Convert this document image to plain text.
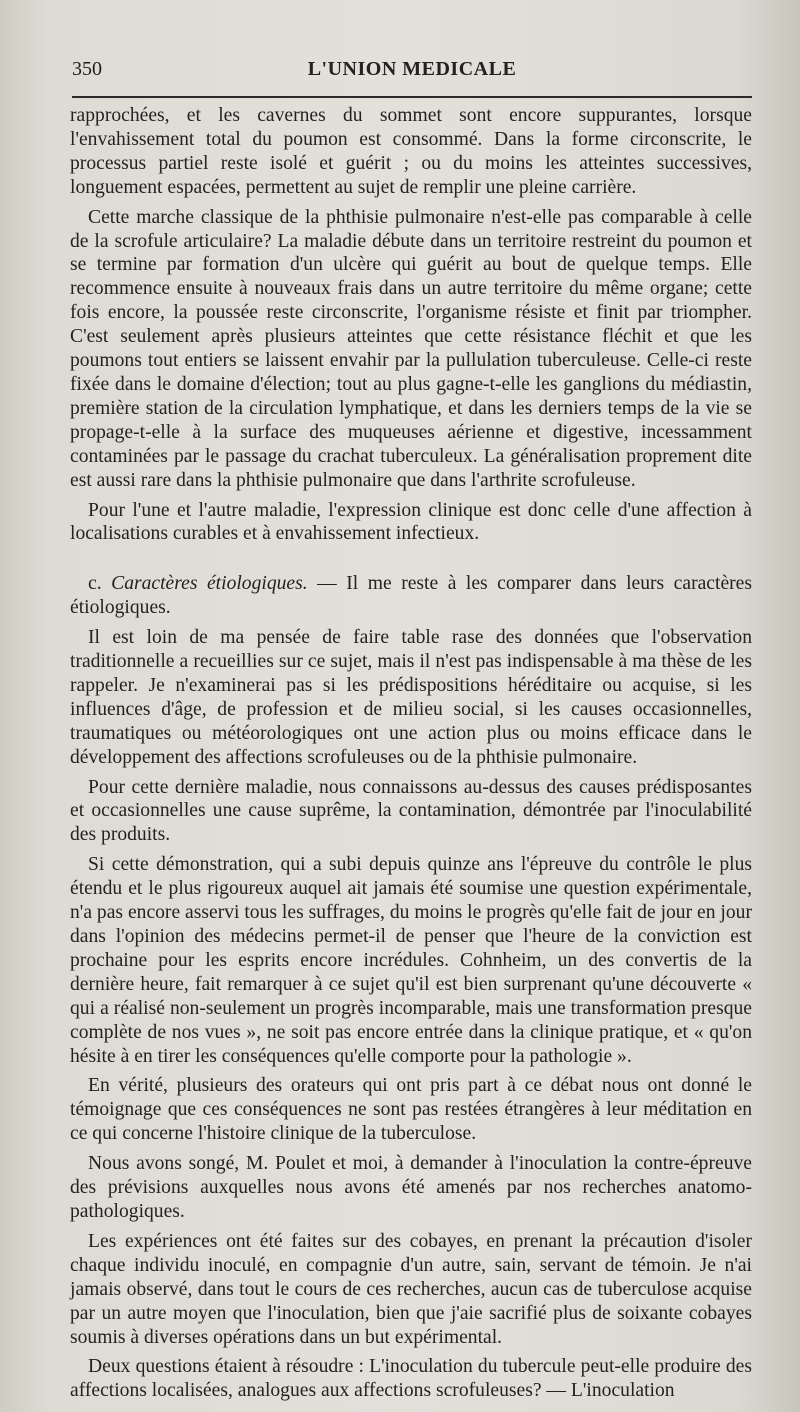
350	L'UNION MEDICALE

rapprochées, et les cavernes du sommet sont encore suppurantes, lorsque l'envahissement total du poumon est consommé. Dans la forme circonscrite, le processus partiel reste isolé et guérit ; ou du moins les atteintes successives, longuement espacées, permettent au sujet de remplir une pleine carrière.

Cette marche classique de la phthisie pulmonaire n'est-elle pas comparable à celle de la scrofule articulaire? La maladie débute dans un territoire restreint du poumon et se termine par formation d'un ulcère qui guérit au bout de quelque temps. Elle recommence ensuite à nouveaux frais dans un autre territoire du même organe; cette fois encore, la poussée reste circonscrite, l'organisme résiste et finit par triompher. C'est seulement après plusieurs atteintes que cette résistance fléchit et que les poumons tout entiers se laissent envahir par la pullulation tuberculeuse. Celle-ci reste fixée dans le domaine d'élection; tout au plus gagne-t-elle les ganglions du médiastin, première station de la circulation lymphatique, et dans les derniers temps de la vie se propage-t-elle à la surface des muqueuses aérienne et digestive, incessamment contaminées par le passage du crachat tuberculeux. La généralisation proprement dite est aussi rare dans la phthisie pulmonaire que dans l'arthrite scrofuleuse.

Pour l'une et l'autre maladie, l'expression clinique est donc celle d'une affection à localisations curables et à envahissement infectieux.

c. Caractères étiologiques. — Il me reste à les comparer dans leurs caractères étiologiques.

Il est loin de ma pensée de faire table rase des données que l'observation traditionnelle a recueillies sur ce sujet, mais il n'est pas indispensable à ma thèse de les rappeler. Je n'examinerai pas si les prédispositions héréditaire ou acquise, si les influences d'âge, de profession et de milieu social, si les causes occasionnelles, traumatiques ou météorologiques ont une action plus ou moins efficace dans le développement des affections scrofuleuses ou de la phthisie pulmonaire.

Pour cette dernière maladie, nous connaissons au-dessus des causes prédisposantes et occasionnelles une cause suprême, la contamination, démontrée par l'inoculabilité des produits.

Si cette démonstration, qui a subi depuis quinze ans l'épreuve du contrôle le plus étendu et le plus rigoureux auquel ait jamais été soumise une question expérimentale, n'a pas encore asservi tous les suffrages, du moins le progrès qu'elle fait de jour en jour dans l'opinion des médecins permet-il de penser que l'heure de la conviction est prochaine pour les esprits encore incrédules. Cohnheim, un des convertis de la dernière heure, fait remarquer à ce sujet qu'il est bien surprenant qu'une découverte « qui a réalisé non-seulement un progrès incomparable, mais une transformation presque complète de nos vues », ne soit pas encore entrée dans la clinique pratique, et « qu'on hésite à en tirer les conséquences qu'elle comporte pour la pathologie ».

En vérité, plusieurs des orateurs qui ont pris part à ce débat nous ont donné le témoignage que ces conséquences ne sont pas restées étrangères à leur méditation en ce qui concerne l'histoire clinique de la tuberculose.

Nous avons songé, M. Poulet et moi, à demander à l'inoculation la contre-épreuve des prévisions auxquelles nous avons été amenés par nos recherches anatomo-pathologiques.

Les expériences ont été faites sur des cobayes, en prenant la précaution d'isoler chaque individu inoculé, en compagnie d'un autre, sain, servant de témoin. Je n'ai jamais observé, dans tout le cours de ces recherches, aucun cas de tuberculose acquise par un autre moyen que l'inoculation, bien que j'aie sacrifié plus de soixante cobayes soumis à diverses opérations dans un but expérimental.

Deux questions étaient à résoudre : L'inoculation du tubercule peut-elle produire des affections localisées, analogues aux affections scrofuleuses? — L'inoculation
